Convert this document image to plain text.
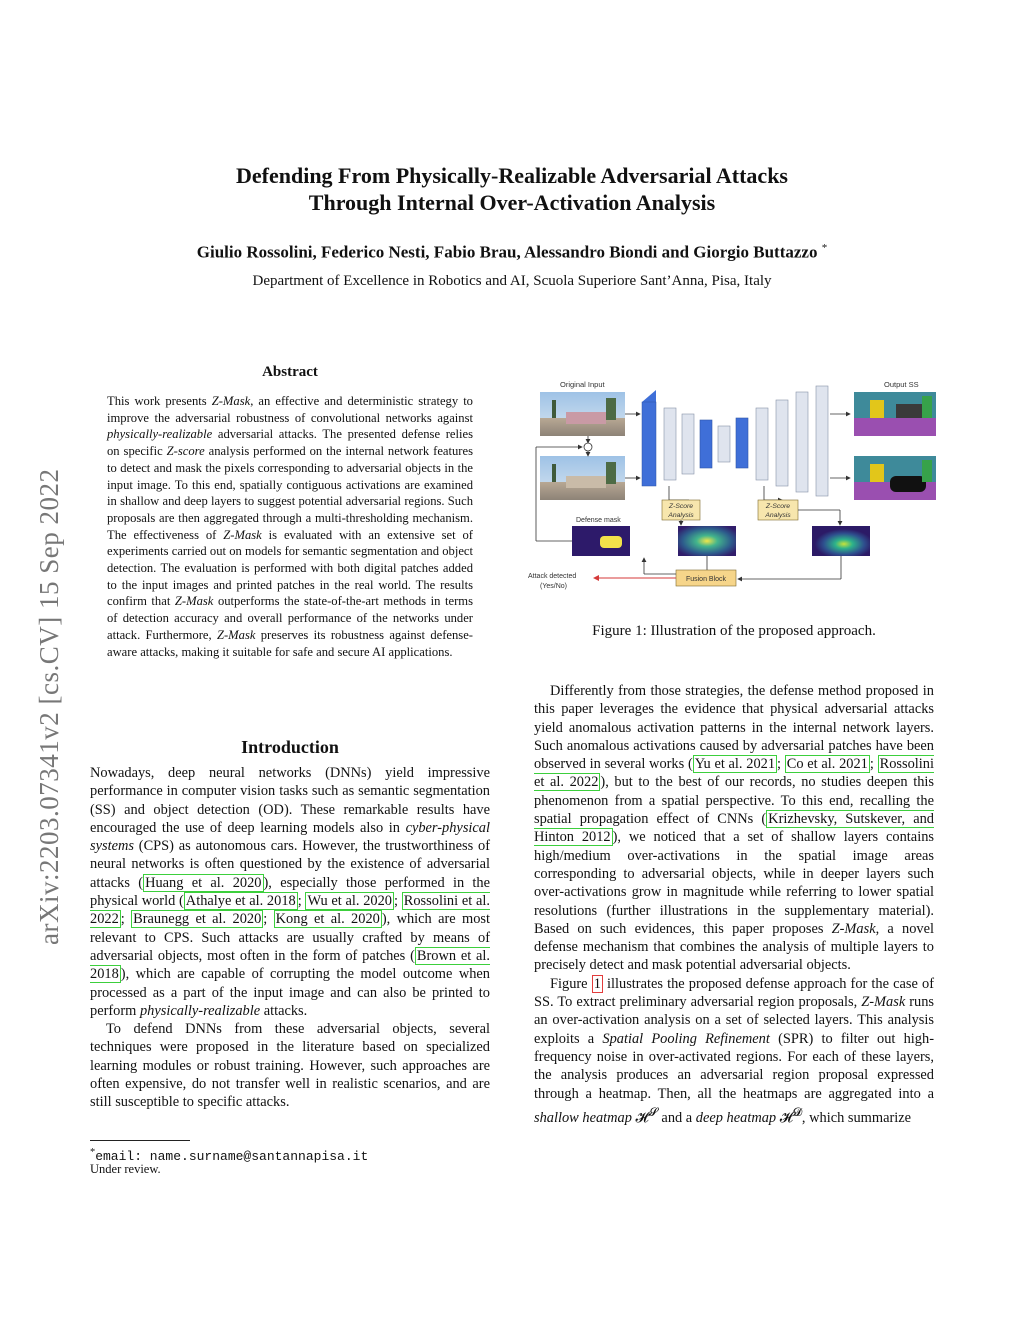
Defending From Physically-Realizable Adversarial Attacks
Through Internal Over-Activation Analysis
Giulio Rossolini, Federico Nesti, Fabio Brau, Alessandro Biondi and Giorgio Buttazzo *
Department of Excellence in Robotics and AI, Scuola Superiore Sant’Anna, Pisa, Italy
arXiv:2203.07341v2 [cs.CV] 15 Sep 2022
Abstract
This work presents Z-Mask, an effective and deterministic strategy to improve the adversarial robustness of convolutional networks against physically-realizable adversarial attacks. The presented defense relies on specific Z-score analysis performed on the internal network features to detect and mask the pixels corresponding to adversarial objects in the input image. To this end, spatially contiguous activations are examined in shallow and deep layers to suggest potential adversarial regions. Such proposals are then aggregated through a multi-thresholding mechanism. The effectiveness of Z-Mask is evaluated with an extensive set of experiments carried out on models for semantic segmentation and object detection. The evaluation is performed with both digital patches added to the input images and printed patches in the real world. The results confirm that Z-Mask outperforms the state-of-the-art methods in terms of detection accuracy and overall performance of the networks under attack. Furthermore, Z-Mask preserves its robustness against defense-aware attacks, making it suitable for safe and secure AI applications.
Introduction

Nowadays, deep neural networks (DNNs) yield impressive performance in computer vision tasks such as semantic segmentation (SS) and object detection (OD). These remarkable results have encouraged the use of deep learning models also in cyber-physical systems (CPS) as autonomous cars. However, the trustworthiness of neural networks is often questioned by the existence of adversarial attacks ( Huang et al. 2020 ), especially those performed in the physical world ( Athalye et al. 2018 ; Wu et al. 2020 ; Rossolini et al. 2022 ; Braunegg et al. 2020 ; Kong et al. 2020 ), which are most relevant to CPS. Such attacks are usually crafted by means of adversarial objects, most often in the form of patches ( Brown et al. 2018 ), which are capable of corrupting the model outcome when processed as a part of the input image and can also be printed to perform physically-realizable attacks.

To defend DNNs from these adversarial objects, several techniques were proposed in the literature based on specialized learning modules or robust training. However, such approaches are often expensive, do not transfer well in realistic scenarios, and are still susceptible to specific attacks.

*email: name.surname@santannapisa.it
Under review.
Original Input	Output SS
Z-Score
Analysis
Z-Score
Analysis
Defense mask
Fusion Block
Attack detected
(Yes/No)
Figure 1: Illustration of the proposed approach.

Differently from those strategies, the defense method proposed in this paper leverages the evidence that physical adversarial attacks yield anomalous activation patterns in the internal network layers. Such anomalous activations caused by adversarial patches have been observed in several works ( Yu et al. 2021 ; Co et al. 2021 ; Rossolini et al. 2022 ), but to the best of our records, no studies deepen this phenomenon from a spatial perspective. To this end, recalling the spatial propagation effect of CNNs ( Krizhevsky, Sutskever, and Hinton 2012 ), we noticed that a set of shallow layers contains high/medium over-activations in the spatial image areas corresponding to adversarial objects, while in deeper layers such over-activations grow in magnitude while referring to lower spatial resolutions (further illustrations in the supplementary material). Based on such evidences, this paper proposes Z-Mask, a novel defense mechanism that combines the analysis of multiple layers to precisely detect and mask potential adversarial objects.

Figure 1 illustrates the proposed defense approach for the case of SS. To extract preliminary adversarial region proposals, Z-Mask runs an over-activation analysis on a set of selected layers. This analysis exploits a Spatial Pooling Refinement (SPR) to filter out high-frequency noise in over-activated regions. For each of these layers, the analysis produces an adversarial region proposal expressed through a heatmap. Then, all the heatmaps are aggregated into a shallow heatmap 𝓗$^𝓢$ and a deep heatmap 𝓗$^𝓓$, which summarize
